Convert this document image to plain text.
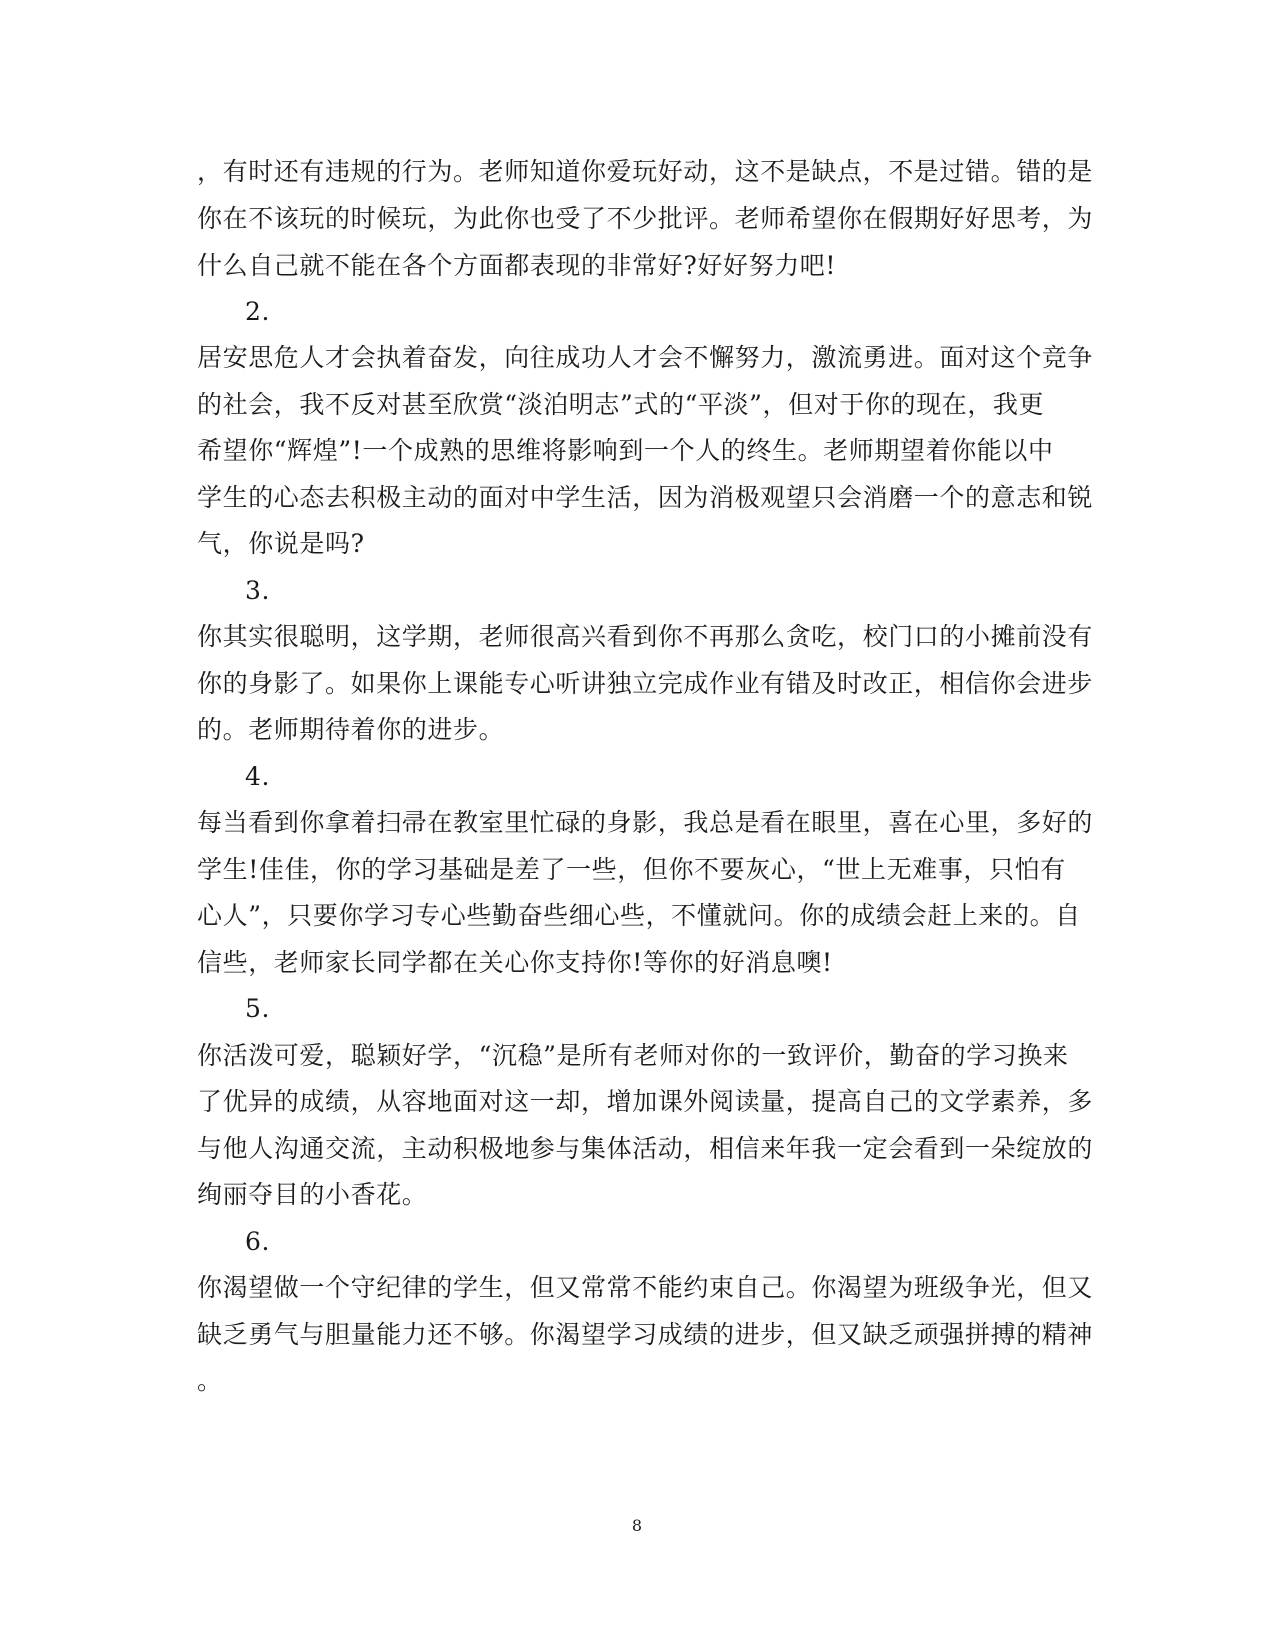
，有时还有违规的行为。老师知道你爱玩好动，这不是缺点，不是过错。错的是
你在不该玩的时候玩，为此你也受了不少批评。老师希望你在假期好好思考，为
什么自己就不能在各个方面都表现的非常好?好好努力吧!
2.
居安思危人才会执着奋发，向往成功人才会不懈努力，激流勇进。面对这个竞争
的社会，我不反对甚至欣赏“淡泊明志”式的“平淡”，但对于你的现在，我更
希望你“辉煌”!一个成熟的思维将影响到一个人的终生。老师期望着你能以中
学生的心态去积极主动的面对中学生活，因为消极观望只会消磨一个的意志和锐
气，你说是吗?
3.
你其实很聪明，这学期，老师很高兴看到你不再那么贪吃，校门口的小摊前没有
你的身影了。如果你上课能专心听讲独立完成作业有错及时改正，相信你会进步
的。老师期待着你的进步。
4.
每当看到你拿着扫帚在教室里忙碌的身影，我总是看在眼里，喜在心里，多好的
学生!佳佳，你的学习基础是差了一些，但你不要灰心，“世上无难事，只怕有
心人”，只要你学习专心些勤奋些细心些，不懂就问。你的成绩会赶上来的。自
信些，老师家长同学都在关心你支持你!等你的好消息噢!
5.
你活泼可爱，聪颖好学，“沉稳”是所有老师对你的一致评价，勤奋的学习换来
了优异的成绩，从容地面对这一却，增加课外阅读量，提高自己的文学素养，多
与他人沟通交流，主动积极地参与集体活动，相信来年我一定会看到一朵绽放的
绚丽夺目的小香花。
6.
你渴望做一个守纪律的学生，但又常常不能约束自己。你渴望为班级争光，但又
缺乏勇气与胆量能力还不够。你渴望学习成绩的进步，但又缺乏顽强拼搏的精神
。
8
